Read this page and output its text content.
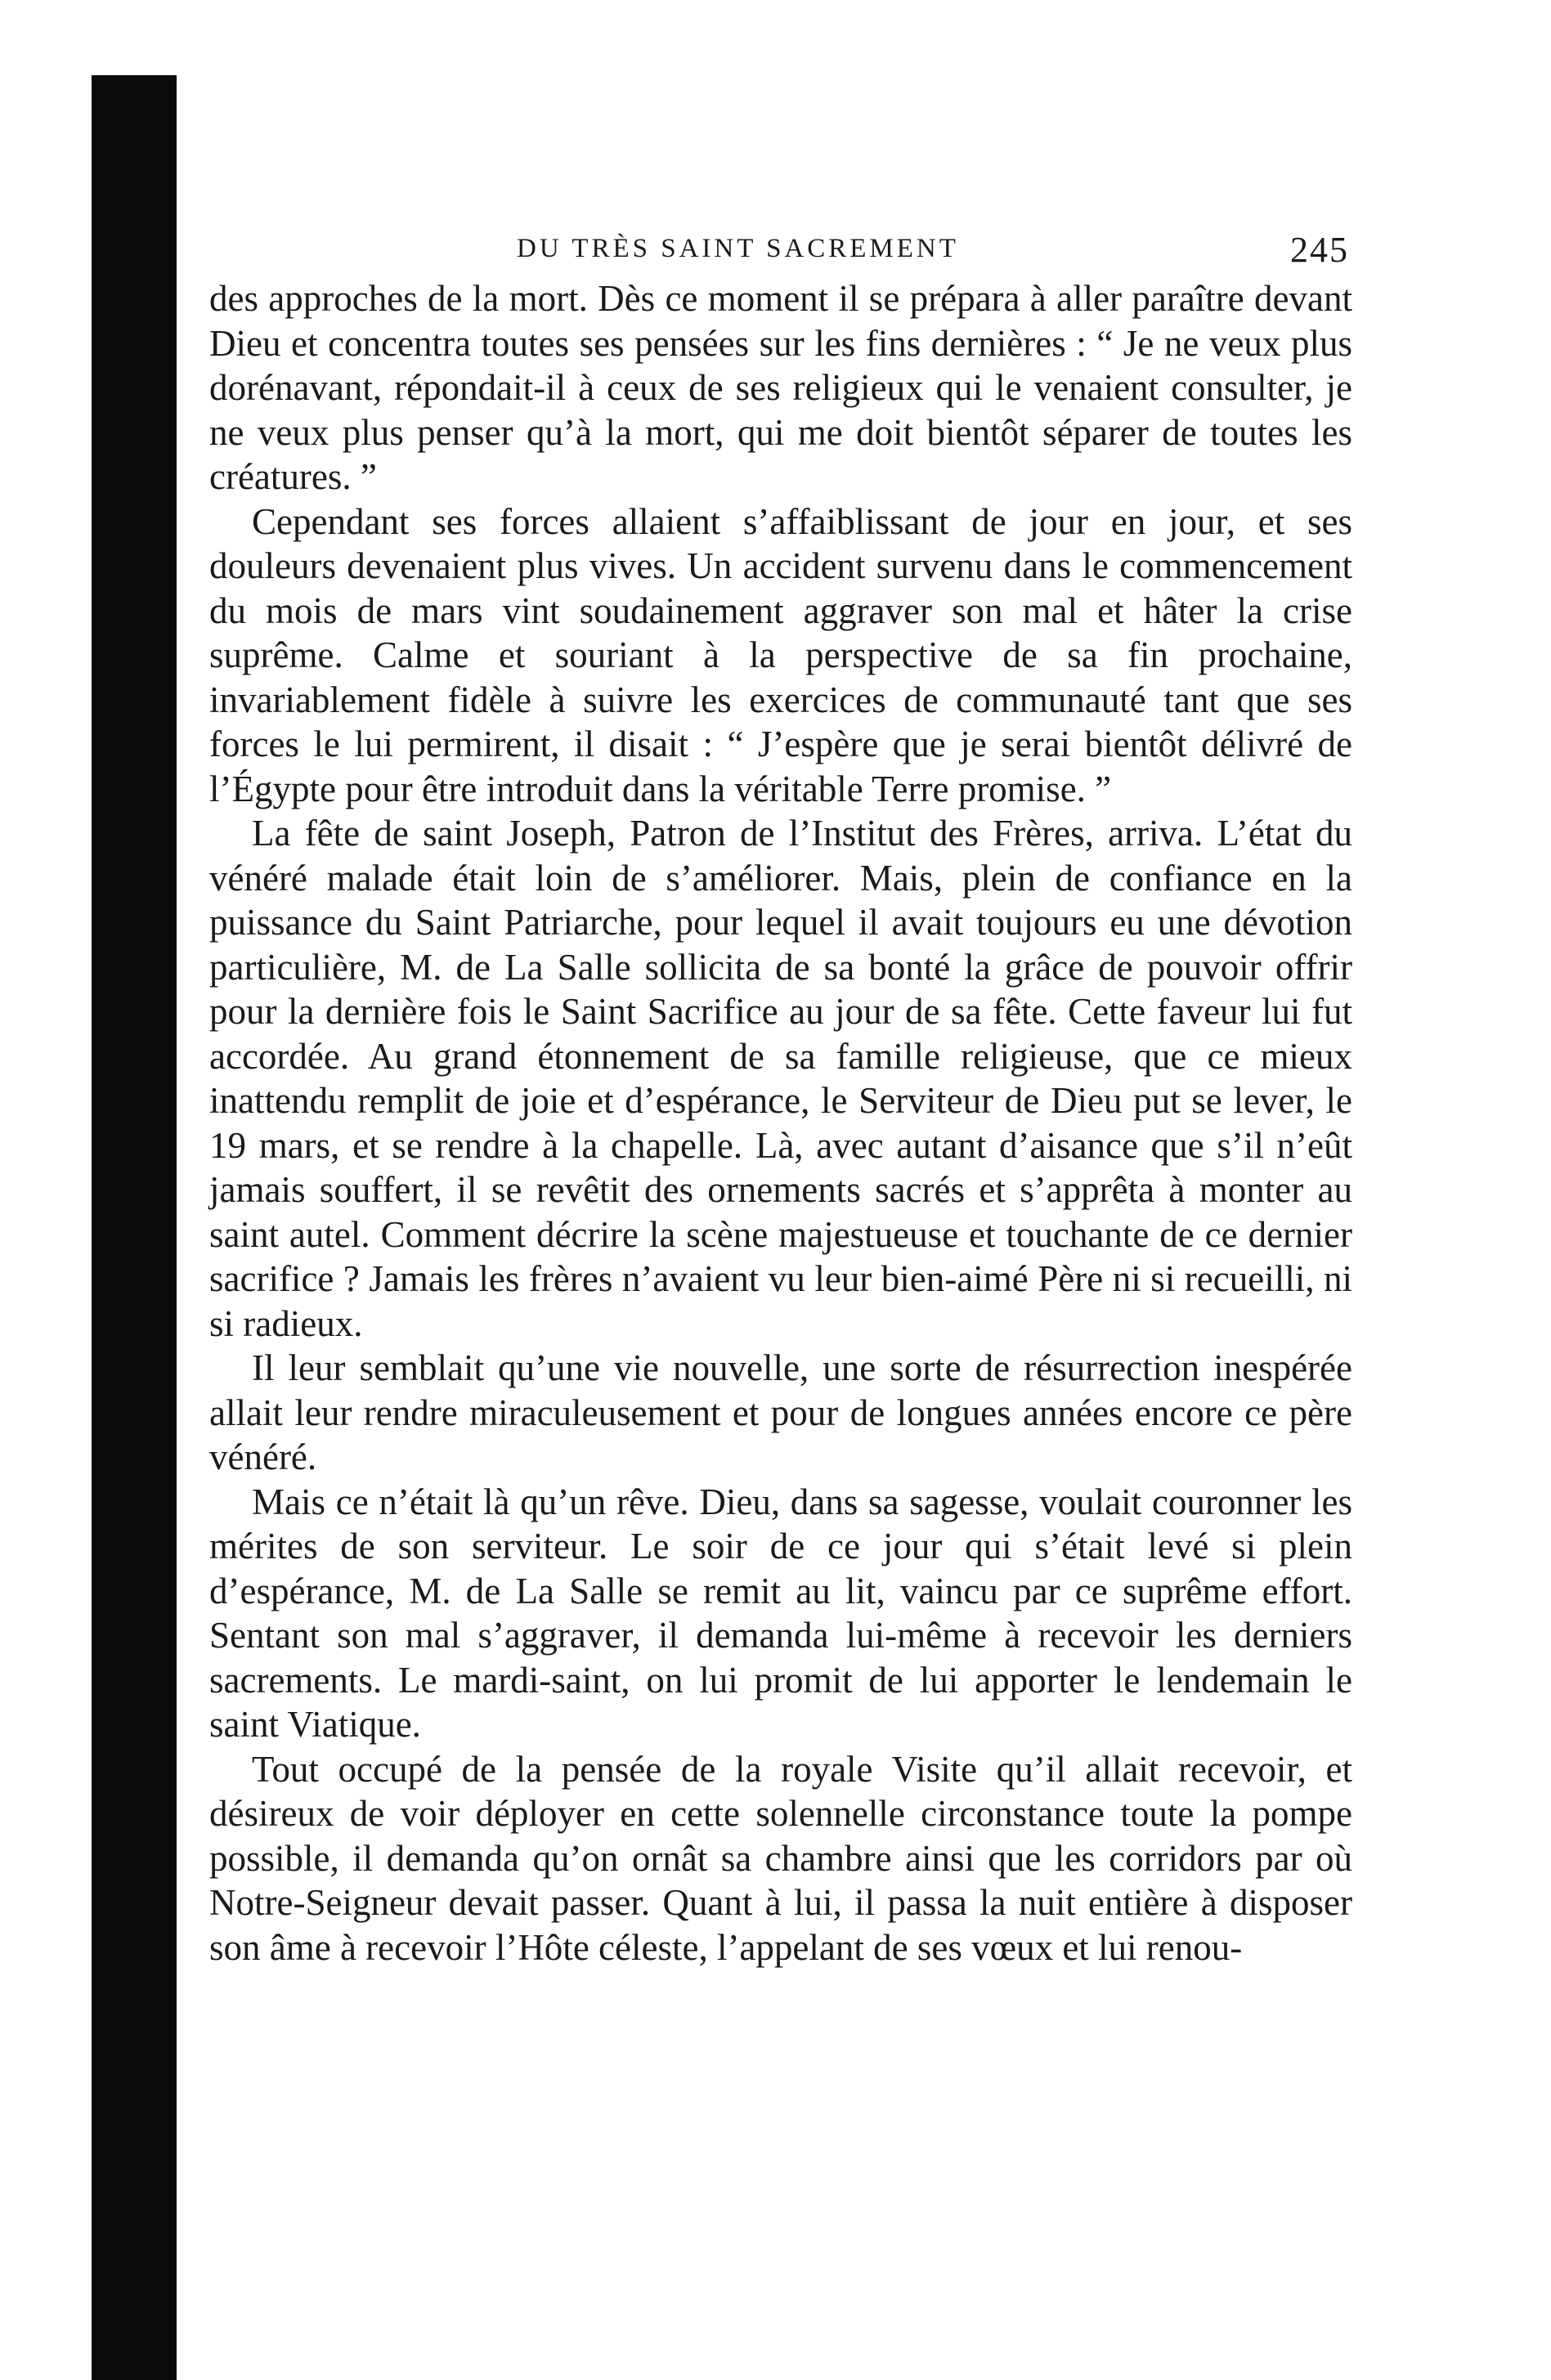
DU TRÈS SAINT SACREMENT	245

des approches de la mort. Dès ce moment il se prépara à aller paraître devant Dieu et concentra toutes ses pensées sur les fins dernières : “ Je ne veux plus dorénavant, répondait-il à ceux de ses religieux qui le venaient consulter, je ne veux plus penser qu’à la mort, qui me doit bientôt séparer de toutes les créatures. ”

Cependant ses forces allaient s’affaiblissant de jour en jour, et ses douleurs devenaient plus vives. Un accident survenu dans le commencement du mois de mars vint soudainement aggraver son mal et hâter la crise suprême. Calme et souriant à la perspective de sa fin prochaine, invariablement fidèle à suivre les exercices de communauté tant que ses forces le lui permirent, il disait : “ J’espère que je serai bientôt délivré de l’Égypte pour être introduit dans la véritable Terre promise. ”

La fête de saint Joseph, Patron de l’Institut des Frères, arriva. L’état du vénéré malade était loin de s’améliorer. Mais, plein de confiance en la puissance du Saint Patriarche, pour lequel il avait toujours eu une dévotion particulière, M. de La Salle sollicita de sa bonté la grâce de pouvoir offrir pour la dernière fois le Saint Sacrifice au jour de sa fête. Cette faveur lui fut accordée. Au grand étonnement de sa famille religieuse, que ce mieux inattendu remplit de joie et d’espérance, le Serviteur de Dieu put se lever, le 19 mars, et se rendre à la chapelle. Là, avec autant d’aisance que s’il n’eût jamais souffert, il se revêtit des ornements sacrés et s’apprêta à monter au saint autel. Comment décrire la scène majestueuse et touchante de ce dernier sacrifice ? Jamais les frères n’avaient vu leur bien-aimé Père ni si recueilli, ni si radieux.

Il leur semblait qu’une vie nouvelle, une sorte de résurrection inespérée allait leur rendre miraculeusement et pour de longues années encore ce père vénéré.

Mais ce n’était là qu’un rêve. Dieu, dans sa sagesse, voulait couronner les mérites de son serviteur. Le soir de ce jour qui s’était levé si plein d’espérance, M. de La Salle se remit au lit, vaincu par ce suprême effort. Sentant son mal s’aggraver, il demanda lui-même à recevoir les derniers sacrements. Le mardi-saint, on lui promit de lui apporter le lendemain le saint Viatique.

Tout occupé de la pensée de la royale Visite qu’il allait recevoir, et désireux de voir déployer en cette solennelle circonstance toute la pompe possible, il demanda qu’on ornât sa chambre ainsi que les corridors par où Notre-Seigneur devait passer. Quant à lui, il passa la nuit entière à disposer son âme à recevoir l’Hôte céleste, l’appelant de ses vœux et lui renou-
